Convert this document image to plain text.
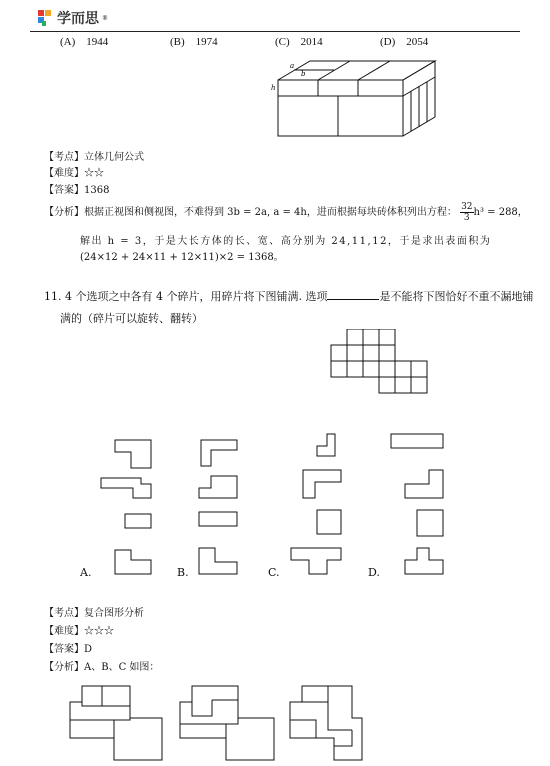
学而思 ®
(A) 1944	(B) 1974	(C) 2014	(D) 2054
a
b
h
【考点】立体几何公式
【难度】☆☆
【答案】1368
【分析】根据正视图和侧视图，不难得到 3b = 2a, a = 4h，进而根据每块砖体积列出方程： $\frac{32}{3} h^3 = 288$，
解出 h = 3，于是大长方体的长、宽、高分别为 24,11,12，于是求出表面积为
(24×12 + 24×11 + 12×11)×2 = 1368。
11. 4 个选项之中各有 4 个碎片，用碎片将下图铺满. 选项	是不能将下图恰好不重不漏地铺
满的（碎片可以旋转、翻转）
A.	B.	C.	D.
【考点】复合图形分析
【难度】☆☆☆
【答案】D
【分析】A、B、C 如图：
